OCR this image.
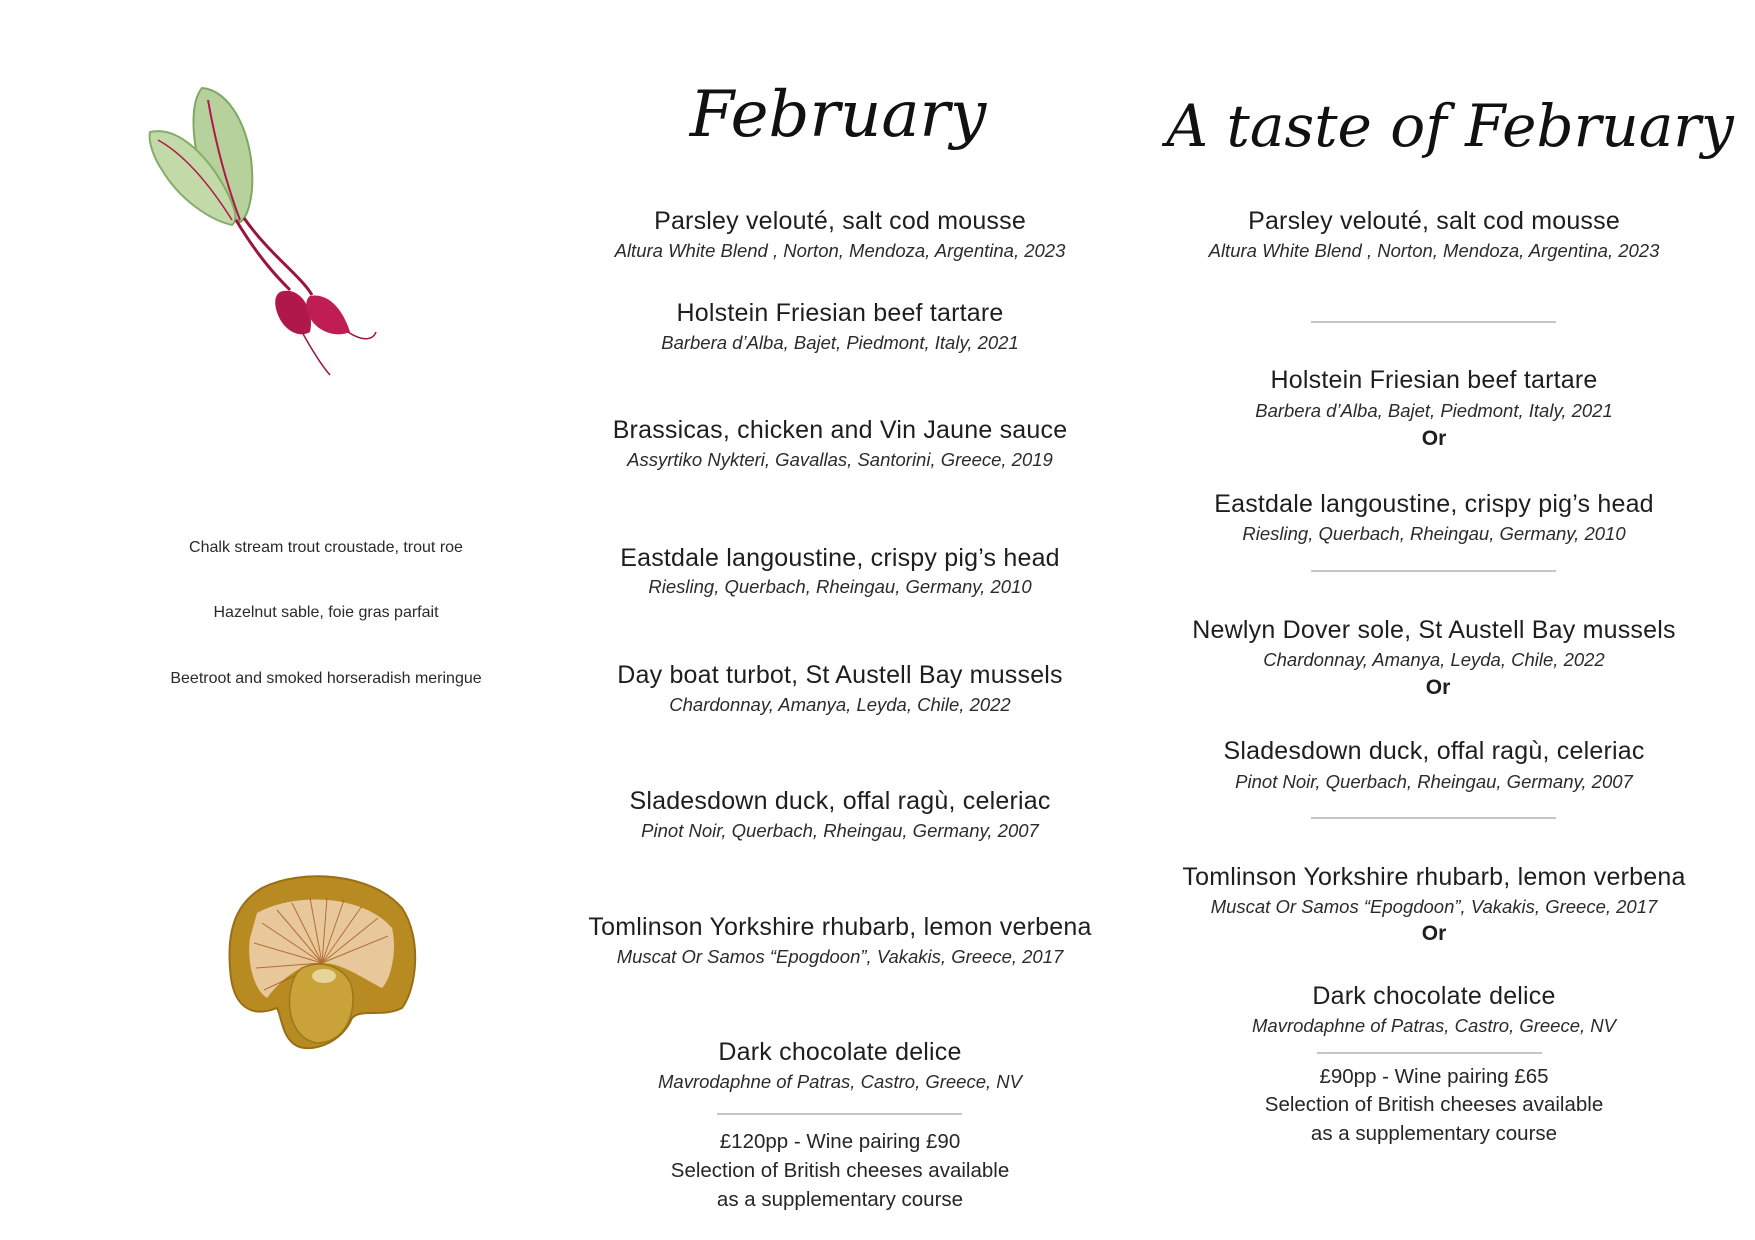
Chalk stream trout croustade, trout roe
Hazelnut sable, foie gras parfait
Beetroot and smoked horseradish meringue
February
Parsley velouté, salt cod mousse
Altura White Blend , Norton, Mendoza, Argentina, 2023
Holstein Friesian beef tartare
Barbera d’Alba, Bajet, Piedmont, Italy, 2021
Brassicas, chicken and Vin Jaune sauce
Assyrtiko Nykteri, Gavallas, Santorini, Greece, 2019
Eastdale langoustine, crispy pig’s head
Riesling, Querbach, Rheingau, Germany, 2010
Day boat turbot, St Austell Bay mussels
Chardonnay, Amanya, Leyda, Chile, 2022
Sladesdown duck, offal ragù, celeriac
Pinot Noir, Querbach, Rheingau, Germany, 2007
Tomlinson Yorkshire rhubarb, lemon verbena
Muscat Or Samos “Epogdoon”, Vakakis, Greece, 2017
Dark chocolate delice
Mavrodaphne of Patras, Castro, Greece, NV
£120pp - Wine pairing £90
Selection of British cheeses available
as a supplementary course
A taste of February
Parsley velouté, salt cod mousse
Altura White Blend , Norton, Mendoza, Argentina, 2023
Holstein Friesian beef tartare
Barbera d’Alba, Bajet, Piedmont, Italy, 2021
Or
Eastdale langoustine, crispy pig’s head
Riesling, Querbach, Rheingau, Germany, 2010
Newlyn Dover sole, St Austell Bay mussels
Chardonnay, Amanya, Leyda, Chile, 2022
Or
Sladesdown duck, offal ragù, celeriac
Pinot Noir, Querbach, Rheingau, Germany, 2007
Tomlinson Yorkshire rhubarb, lemon verbena
Muscat Or Samos “Epogdoon”, Vakakis, Greece, 2017
Or
Dark chocolate delice
Mavrodaphne of Patras, Castro, Greece, NV
£90pp - Wine pairing £65
Selection of British cheeses available
as a supplementary course
